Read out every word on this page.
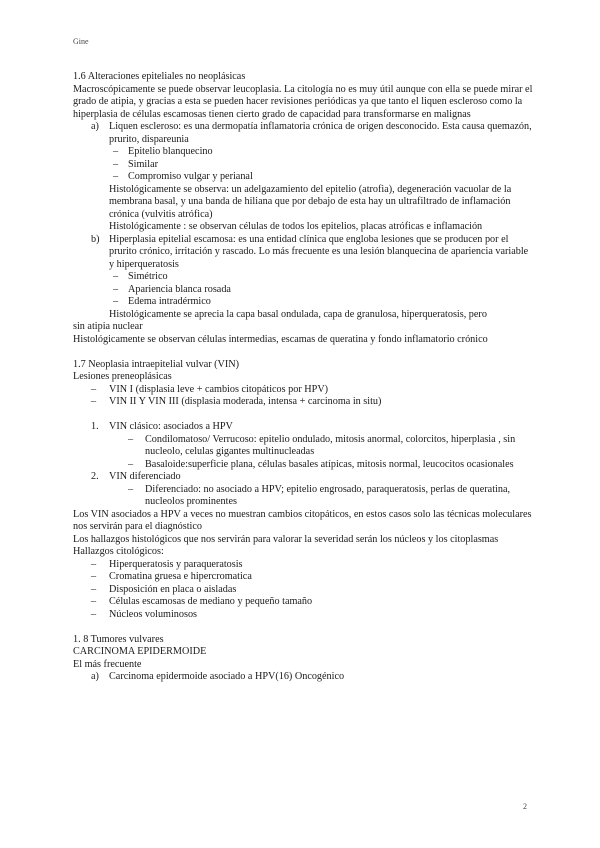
Gine

1.6 Alteraciones epiteliales no neoplásicas

Macroscópicamente se puede observar leucoplasia. La citología no es muy útil aunque con ella se puede mirar el grado de atipia, y gracias a esta se pueden hacer revisiones periódicas ya que tanto el liquen escleroso como la hiperplasia de células escamosas tienen cierto grado de capacidad para transformarse en malignas

a) Liquen escleroso: es una dermopatía inflamatoria crónica de origen desconocido. Esta causa quemazón, prurito, dispareunia

– Epitelio blanquecino

– Similar

– Compromiso vulgar y perianal

Histológicamente se observa: un adelgazamiento del epitelio (atrofia), degeneración vacuolar de la membrana basal, y una banda de hiliana que por debajo de esta hay un ultrafiltrado de inflamación crónica (vulvitis atrófica)

Histológicamente : se observan células de todos los epitelios, placas atróficas e inflamación

b) Hiperplasia epitelial escamosa: es una entidad clínica que engloba lesiones que se producen por el prurito crónico, irritación y rascado. Lo más frecuente es una lesión blanquecina de apariencia variable y hiperqueratosis

– Simétrico

– Apariencia blanca rosada

– Edema intradérmico

Histológicamente se aprecia la capa basal ondulada, capa de granulosa, hiperqueratosis, pero

sin atipia nuclear

Histológicamente se observan células intermedias, escamas de queratina y fondo inflamatorio crónico

1.7 Neoplasia intraepitelial vulvar (VIN)

Lesiones preneoplásicas

– VIN I (displasia leve + cambios citopáticos por HPV)

– VIN II Y VIN III (displasia moderada, intensa + carcinoma in situ)

1. VIN clásico: asociados a HPV

– Condilomatoso/ Verrucoso: epitelio ondulado, mitosis anormal, colorcitos, hiperplasia , sin nucleolo, celulas gigantes multinucleadas

– Basaloide:superficie plana, células basales atípicas, mitosis normal, leucocitos ocasionales

2. VIN diferenciado

– Diferenciado: no asociado a HPV; epitelio engrosado, paraqueratosis, perlas de queratina, nucleolos prominentes

Los VIN asociados a HPV a veces no muestran cambios citopáticos, en estos casos solo las técnicas moleculares nos servirán para el diagnóstico

Los hallazgos histológicos que nos servirán para valorar la severidad serán los núcleos y los citoplasmas

Hallazgos citológicos:

– Hiperqueratosis y paraqueratosis

– Cromatina gruesa e hipercromatica

– Disposición en placa o aisladas

– Células escamosas de mediano y pequeño tamaño

– Núcleos voluminosos

1. 8 Tumores vulvares

CARCINOMA EPIDERMOIDE

El más frecuente

a) Carcinoma epidermoide asociado a HPV(16) Oncogénico

2
